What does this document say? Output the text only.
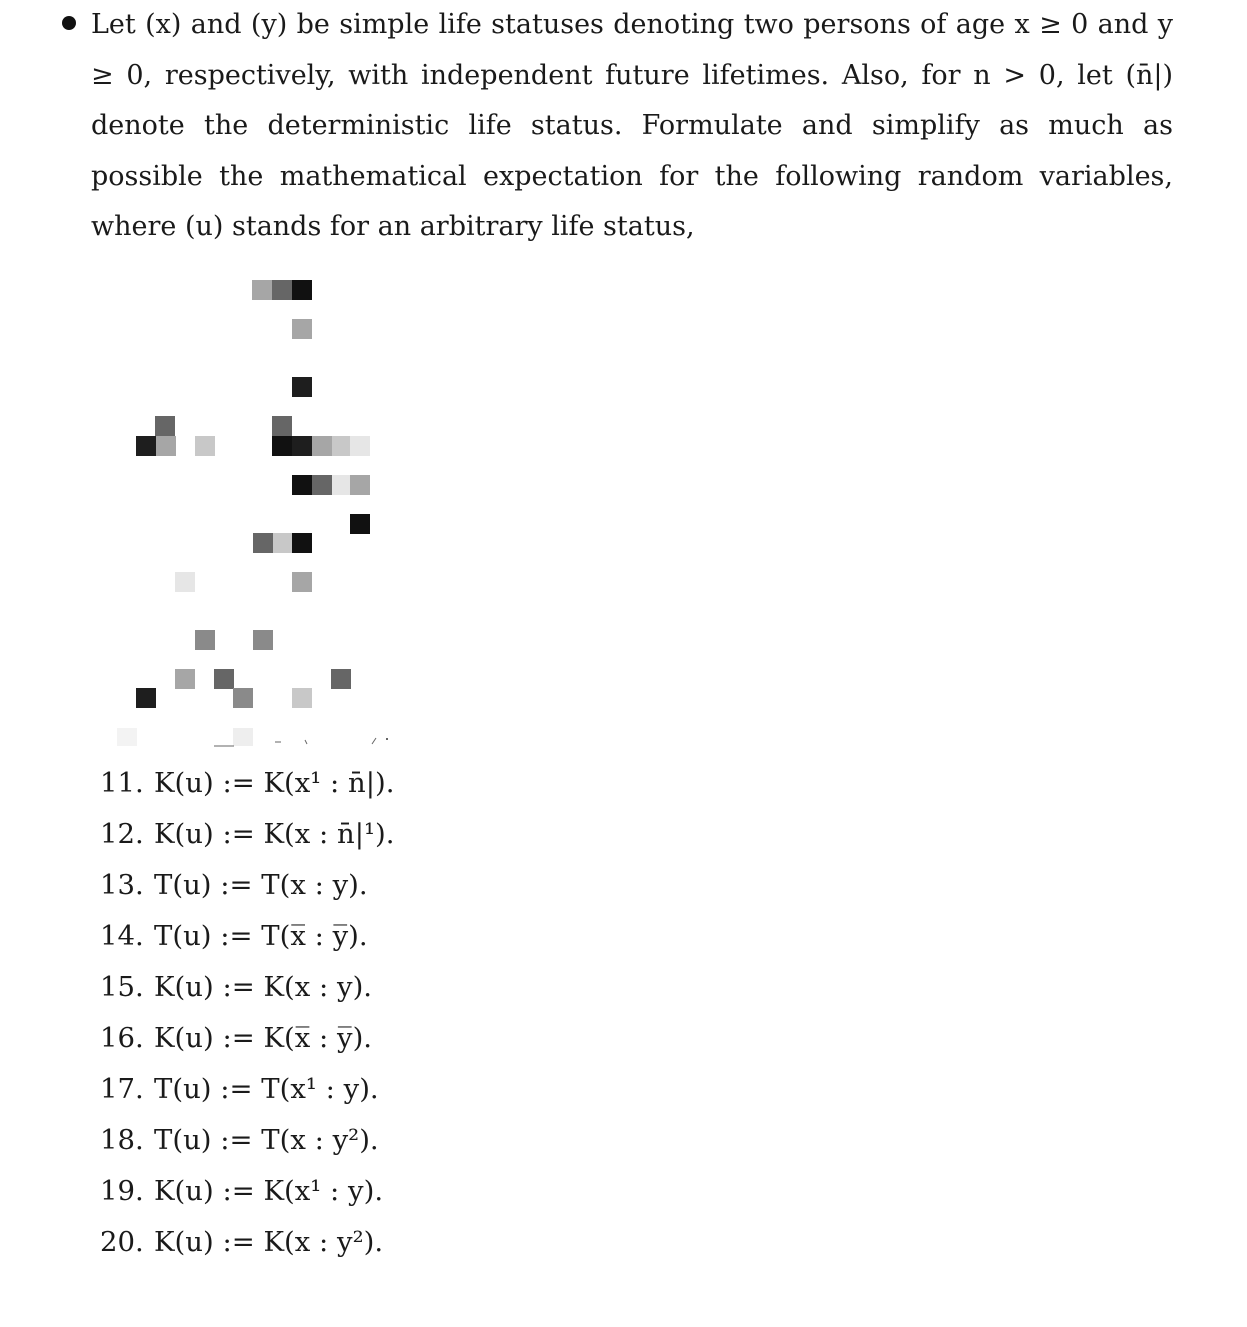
Let (x) and (y) be simple life statuses denoting two persons of age x ≥ 0 and y ≥ 0, respectively, with independent future lifetimes. Also, for n > 0, let (n̄|) denote the deterministic life status. Formulate and simplify as much as possible the mathematical expectation for the following random variables, where (u) stands for an arbitrary life status,

11. K(u) := K(x¹ : n̄|).
12. K(u) := K(x : n̄|¹).
13. T(u) := T(x : y).
14. T(u) := T(x̅ : y̅).
15. K(u) := K(x : y).
16. K(u) := K(x̅ : y̅).
17. T(u) := T(x¹ : y).
18. T(u) := T(x : y²).
19. K(u) := K(x¹ : y).
20. K(u) := K(x : y²).
